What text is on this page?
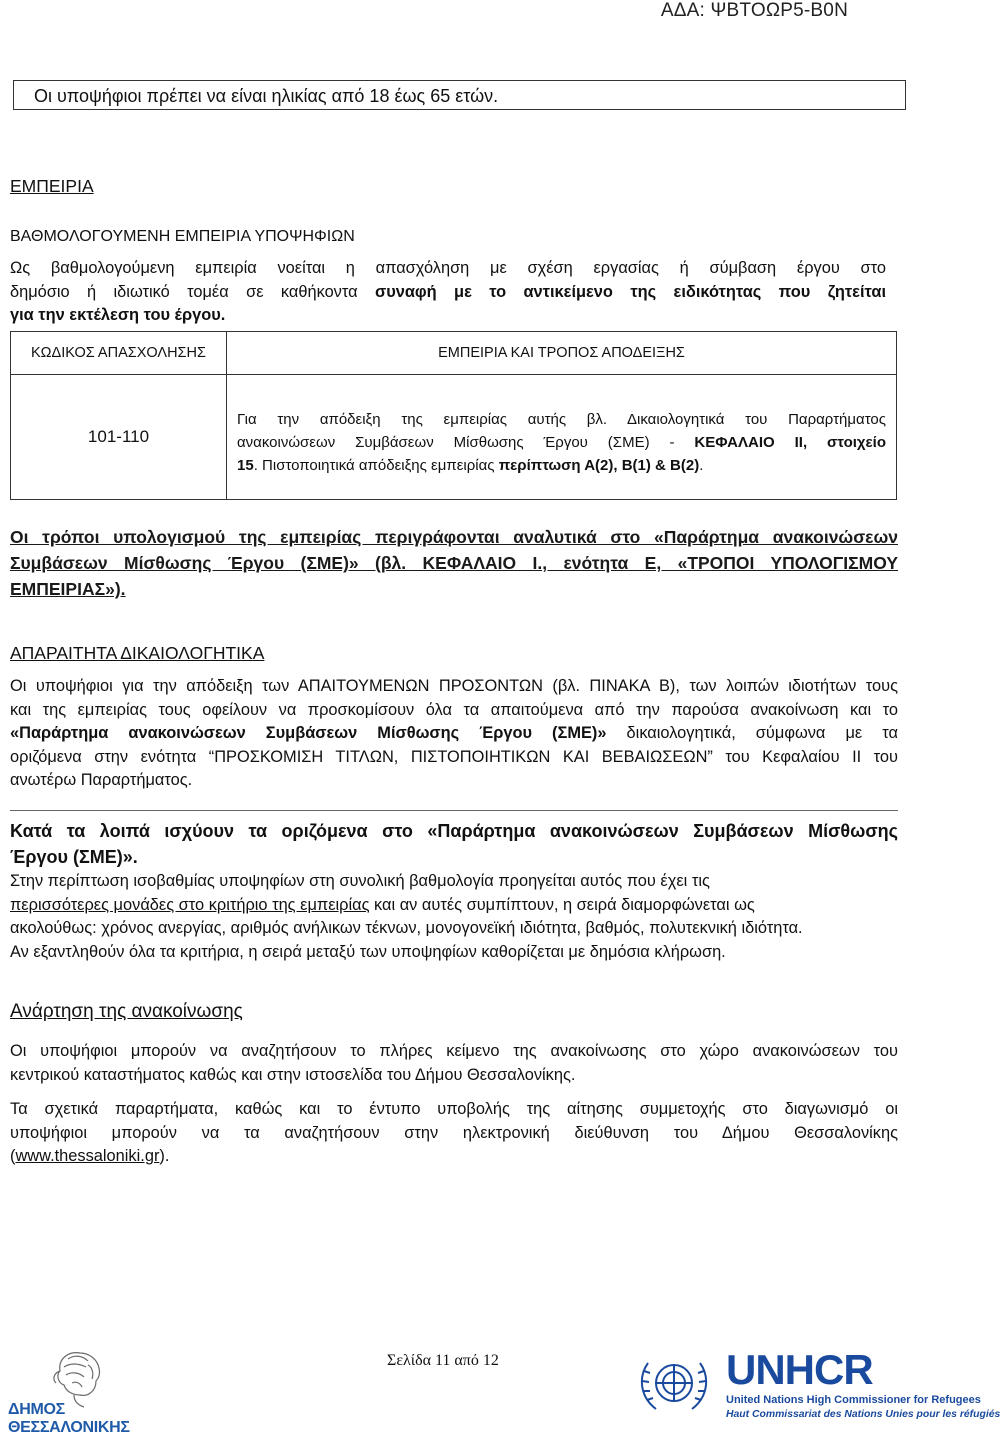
ΑΔΑ: ΨΒΤΟΩΡ5-Β0Ν
Οι υποψήφιοι πρέπει να είναι ηλικίας από 18 έως 65 ετών.
ΕΜΠΕΙΡΙΑ
ΒΑΘΜΟΛΟΓΟΥΜΕΝΗ ΕΜΠΕΙΡΙΑ ΥΠΟΨΗΦΙΩΝ
Ως βαθμολογούμενη εμπειρία νοείται η απασχόληση με σχέση εργασίας ή σύμβαση έργου στο
δημόσιο ή ιδιωτικό τομέα σε καθήκοντα συναφή με το αντικείμενο της ειδικότητας που ζητείται
για την εκτέλεση του έργου.
ΚΩΔΙΚΟΣ ΑΠΑΣΧΟΛΗΣΗΣ	ΕΜΠΕΙΡΙΑ ΚΑΙ ΤΡΟΠΟΣ ΑΠΟΔΕΙΞΗΣ
101-110	Για την απόδειξη της εμπειρίας αυτής βλ. Δικαιολογητικά του Παραρτήματος
ανακοινώσεων Συμβάσεων Μίσθωσης Έργου (ΣΜΕ) - ΚΕΦΑΛΑΙΟ ΙΙ, στοιχείο
15. Πιστοποιητικά απόδειξης εμπειρίας περίπτωση Α(2), Β(1) & Β(2).
Οι τρόποι υπολογισμού της εμπειρίας περιγράφονται αναλυτικά στο «Παράρτημα ανακοινώσεων
Συμβάσεων Μίσθωσης Έργου (ΣΜΕ)» (βλ. ΚΕΦΑΛΑΙΟ Ι., ενότητα Ε, «ΤΡΟΠΟΙ ΥΠΟΛΟΓΙΣΜΟΥ
ΕΜΠΕΙΡΙΑΣ»).
ΑΠΑΡΑΙΤΗΤΑ ΔΙΚΑΙΟΛΟΓΗΤΙΚΑ
Οι υποψήφιοι για την απόδειξη των ΑΠΑΙΤΟΥΜΕΝΩΝ ΠΡΟΣΟΝΤΩΝ (βλ. ΠΙΝΑΚΑ Β), των λοιπών ιδιοτήτων τους
και της εμπειρίας τους οφείλουν να προσκομίσουν όλα τα απαιτούμενα από την παρούσα ανακοίνωση και το
«Παράρτημα ανακοινώσεων Συμβάσεων Μίσθωσης Έργου (ΣΜΕ)» δικαιολογητικά, σύμφωνα με τα
οριζόμενα στην ενότητα “ΠΡΟΣΚΟΜΙΣΗ ΤΙΤΛΩΝ, ΠΙΣΤΟΠΟΙΗΤΙΚΩΝ ΚΑΙ ΒΕΒΑΙΩΣΕΩΝ” του Κεφαλαίου ΙΙ του
ανωτέρω Παραρτήματος.
Κατά τα λοιπά ισχύουν τα οριζόμενα στο «Παράρτημα ανακοινώσεων Συμβάσεων Μίσθωσης
Έργου (ΣΜΕ)».
Στην περίπτωση ισοβαθμίας υποψηφίων στη συνολική βαθμολογία προηγείται αυτός που έχει τις
περισσότερες μονάδες στο κριτήριο της εμπειρίας και αν αυτές συμπίπτουν, η σειρά διαμορφώνεται ως
ακολούθως: χρόνος ανεργίας, αριθμός ανήλικων τέκνων, μονογονεϊκή ιδιότητα, βαθμός, πολυτεκνική ιδιότητα.
Αν εξαντληθούν όλα τα κριτήρια, η σειρά μεταξύ των υποψηφίων καθορίζεται με δημόσια κλήρωση.
Ανάρτηση της ανακοίνωσης
Οι υποψήφιοι μπορούν να αναζητήσουν το πλήρες κείμενο της ανακοίνωσης στο χώρο ανακοινώσεων του
κεντρικού καταστήματος καθώς και στην ιστοσελίδα του Δήμου Θεσσαλονίκης.
Τα σχετικά παραρτήματα, καθώς και το έντυπο υποβολής της αίτησης συμμετοχής στο διαγωνισμό οι
υποψήφιοι μπορούν να τα αναζητήσουν στην ηλεκτρονική διεύθυνση του Δήμου Θεσσαλονίκης
(www.thessaloniki.gr).
Σελίδα 11 από 12
ΔΗΜΟΣ ΘΕΣΣΑΛΟΝΙΚΗΣ
UNHCR
United Nations High Commissioner for Refugees
Haut Commissariat des Nations Unies pour les réfugiés
